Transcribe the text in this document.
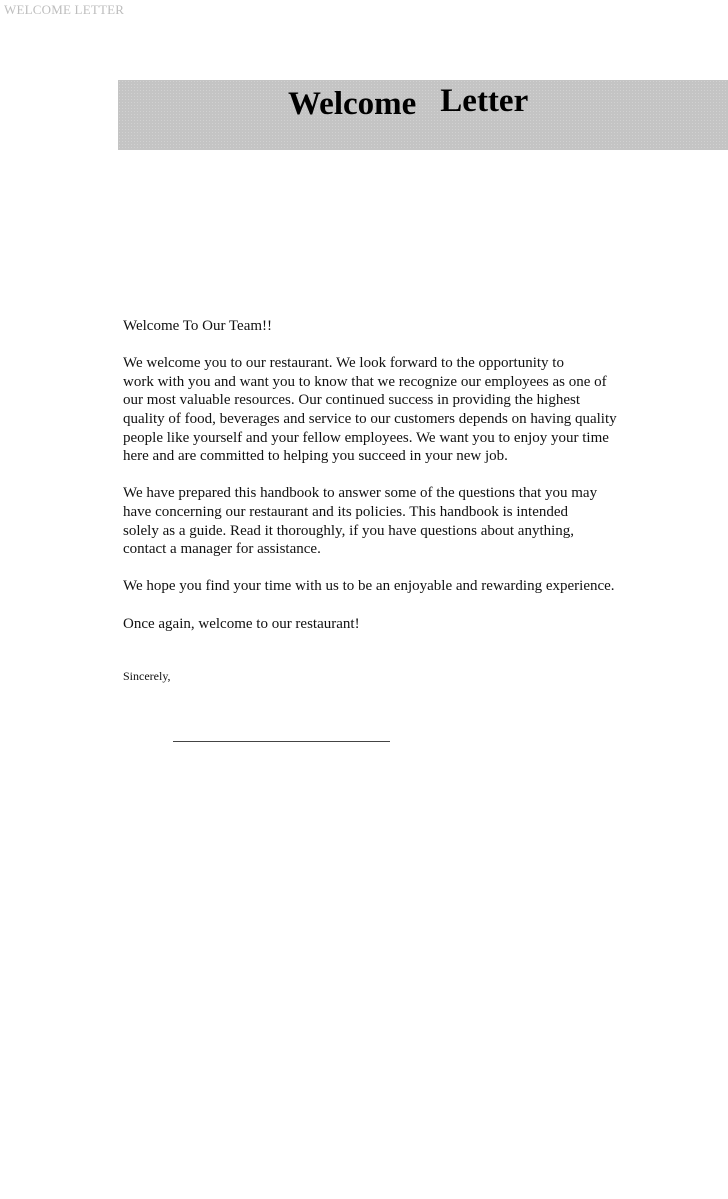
WELCOME LETTER
Welcome Letter

Welcome To Our Team!!

We welcome you to our restaurant. We look forward to the opportunity to
work with you and want you to know that we recognize our employees as one of
our most valuable resources. Our continued success in providing the highest
quality of food, beverages and service to our customers depends on having quality
people like yourself and your fellow employees. We want you to enjoy your time
here and are committed to helping you succeed in your new job.

We have prepared this handbook to answer some of the questions that you may
have concerning our restaurant and its policies. This handbook is intended
solely as a guide. Read it thoroughly, if you have questions about anything,
contact a manager for assistance.

We hope you find your time with us to be an enjoyable and rewarding experience.

Once again, welcome to our restaurant!

Sincerely,
